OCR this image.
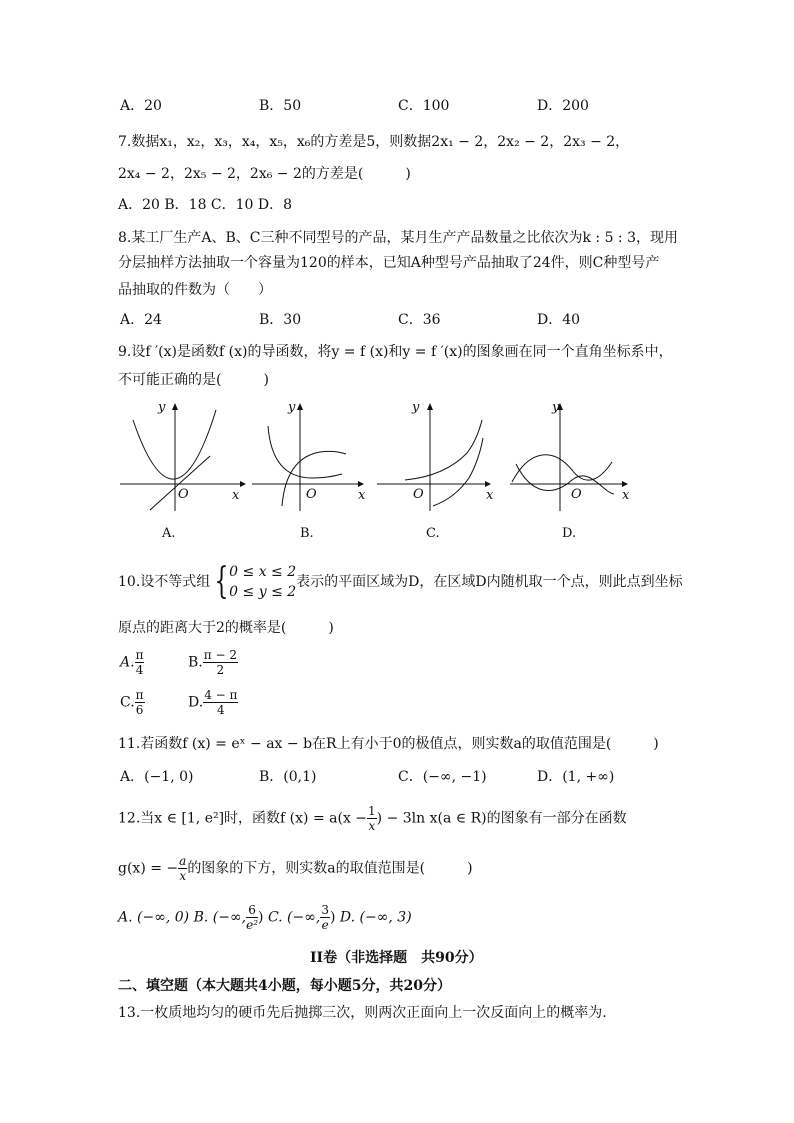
A．20	B．50	C．100	D．200
7.数据x₁，x₂，x₃，x₄，x₅，x₆的方差是5，则数据2x₁ − 2，2x₂ − 2，2x₃ − 2，
2x₄ − 2，2x₅ − 2，2x₆ − 2的方差是(　　　)
A．20 B．18 C．10 D．8
8.某工厂生产A、B、C三种不同型号的产品，某月生产产品数量之比依次为k : 5 : 3，现用
分层抽样方法抽取一个容量为120的样本，已知A种型号产品抽取了24件，则C种型号产
品抽取的件数为（　　）
A．24	B．30	C．36	D．40
9.设f ′(x)是函数f (x)的导函数，将y = f (x)和y = f ′(x)的图象画在同一个直角坐标系中，
不可能正确的是(　　　)
y
x
O
A.
y
x
O
B.
y
x
O
C.
y
x
O
D.
10.设不等式组 { 0 ≤ x ≤ 2
0 ≤ y ≤ 2
表示的平面区域为D，在区域D内随机取一个点，则此点到坐标
原点的距离大于2的概率是(　　　)
A. $\frac{\pi}{4}$	B. $\frac{\pi - 2}{2}$
C. $\frac{\pi}{6}$	D. $\frac{4 - \pi}{4}$
11.若函数f (x) = eˣ − ax − b在R上有小于0的极值点，则实数a的取值范围是(　　　)
A．(−1, 0)	B．(0,1)	C．(−∞, −1)	D．(1, +∞)
12.当x ∈ [1, e²]时，函数f $(x) = a(x - \frac{1}{x}$ ) − 3ln x(a ∈ R)的图象有一部分在函数
g(x) = − $\frac{a}{x}$ 的图象的下方，则实数a的取值范围是(　　　)
A. (−∞, 0) B. (−∞, $\frac{6}{\text{e²}}$ ) C. (−∞, $\frac{3}{e}$ ) D. (−∞, 3)
II卷（非选择题　共90分）
二、填空题（本大题共4小题，每小题5分，共20分）
13.一枚质地均匀的硬币先后抛掷三次，则两次正面向上一次反面向上的概率为.
